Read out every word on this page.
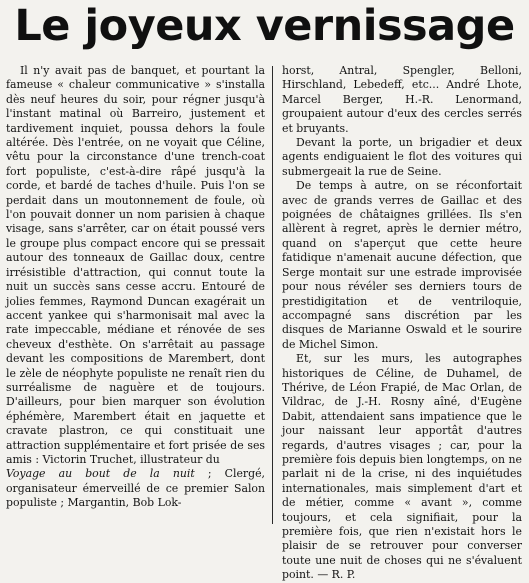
Le joyeux vernissage

Il n'y avait pas de banquet, et pourtant la fameuse « chaleur communicative » s'installa dès neuf heures du soir, pour régner jusqu'à l'instant matinal où Barreiro, justement et tardivement inquiet, poussa dehors la foule altérée. Dès l'entrée, on ne voyait que Céline, vêtu pour la circonstance d'une trench-coat fort populiste, c'est-à-dire râpé jusqu'à la corde, et bardé de taches d'huile. Puis l'on se perdait dans un moutonnement de foule, où l'on pouvait donner un nom parisien à chaque visage, sans s'arrêter, car on était poussé vers le groupe plus compact encore qui se pressait autour des tonneaux de Gaillac doux, centre irrésistible d'attraction, qui connut toute la nuit un succès sans cesse accru. Entouré de jolies femmes, Raymond Duncan exagérait un accent yankee qui s'harmonisait mal avec la rate impeccable, médiane et rénovée de ses cheveux d'esthète. On s'arrêtait au passage devant les compositions de Marembert, dont le zèle de néophyte populiste ne renaît rien du surréalisme de naguère et de toujours. D'ailleurs, pour bien marquer son évolution éphémère, Marembert était en jaquette et cravate plastron, ce qui constituait une attraction supplémentaire et fort prisée de ses amis : Victorin Truchet, illustrateur du

Voyage au bout de la nuit ; Clergé, organisateur émerveillé de ce premier Salon populiste ; Margantin, Bob Lok-

horst, Antral, Spengler, Belloni, Hirschland, Lebedeff, etc... André Lhote, Marcel Berger, H.-R. Lenormand, groupaient autour d'eux des cercles serrés et bruyants.

Devant la porte, un brigadier et deux agents endiguaient le flot des voitures qui submergeait la rue de Seine.

De temps à autre, on se réconfortait avec de grands verres de Gaillac et des poignées de châtaignes grillées. Ils s'en allèrent à regret, après le dernier métro, quand on s'aperçut que cette heure fatidique n'amenait aucune défection, que Serge montait sur une estrade improvisée pour nous révéler ses derniers tours de prestidigitation et de ventriloquie, accompagné sans discrétion par les disques de Marianne Oswald et le sourire de Michel Simon.

Et, sur les murs, les autographes historiques de Céline, de Duhamel, de Thérive, de Léon Frapié, de Mac Orlan, de Vildrac, de J.-H. Rosny aîné, d'Eugène Dabit, attendaient sans impatience que le jour naissant leur apportât d'autres regards, d'autres visages ; car, pour la première fois depuis bien longtemps, on ne parlait ni de la crise, ni des inquiétudes internationales, mais simplement d'art et de métier, comme « avant », comme toujours, et cela signifiait, pour la première fois, que rien n'existait hors le plaisir de se retrouver pour converser toute une nuit de choses qui ne s'évaluent point. — R. P.
